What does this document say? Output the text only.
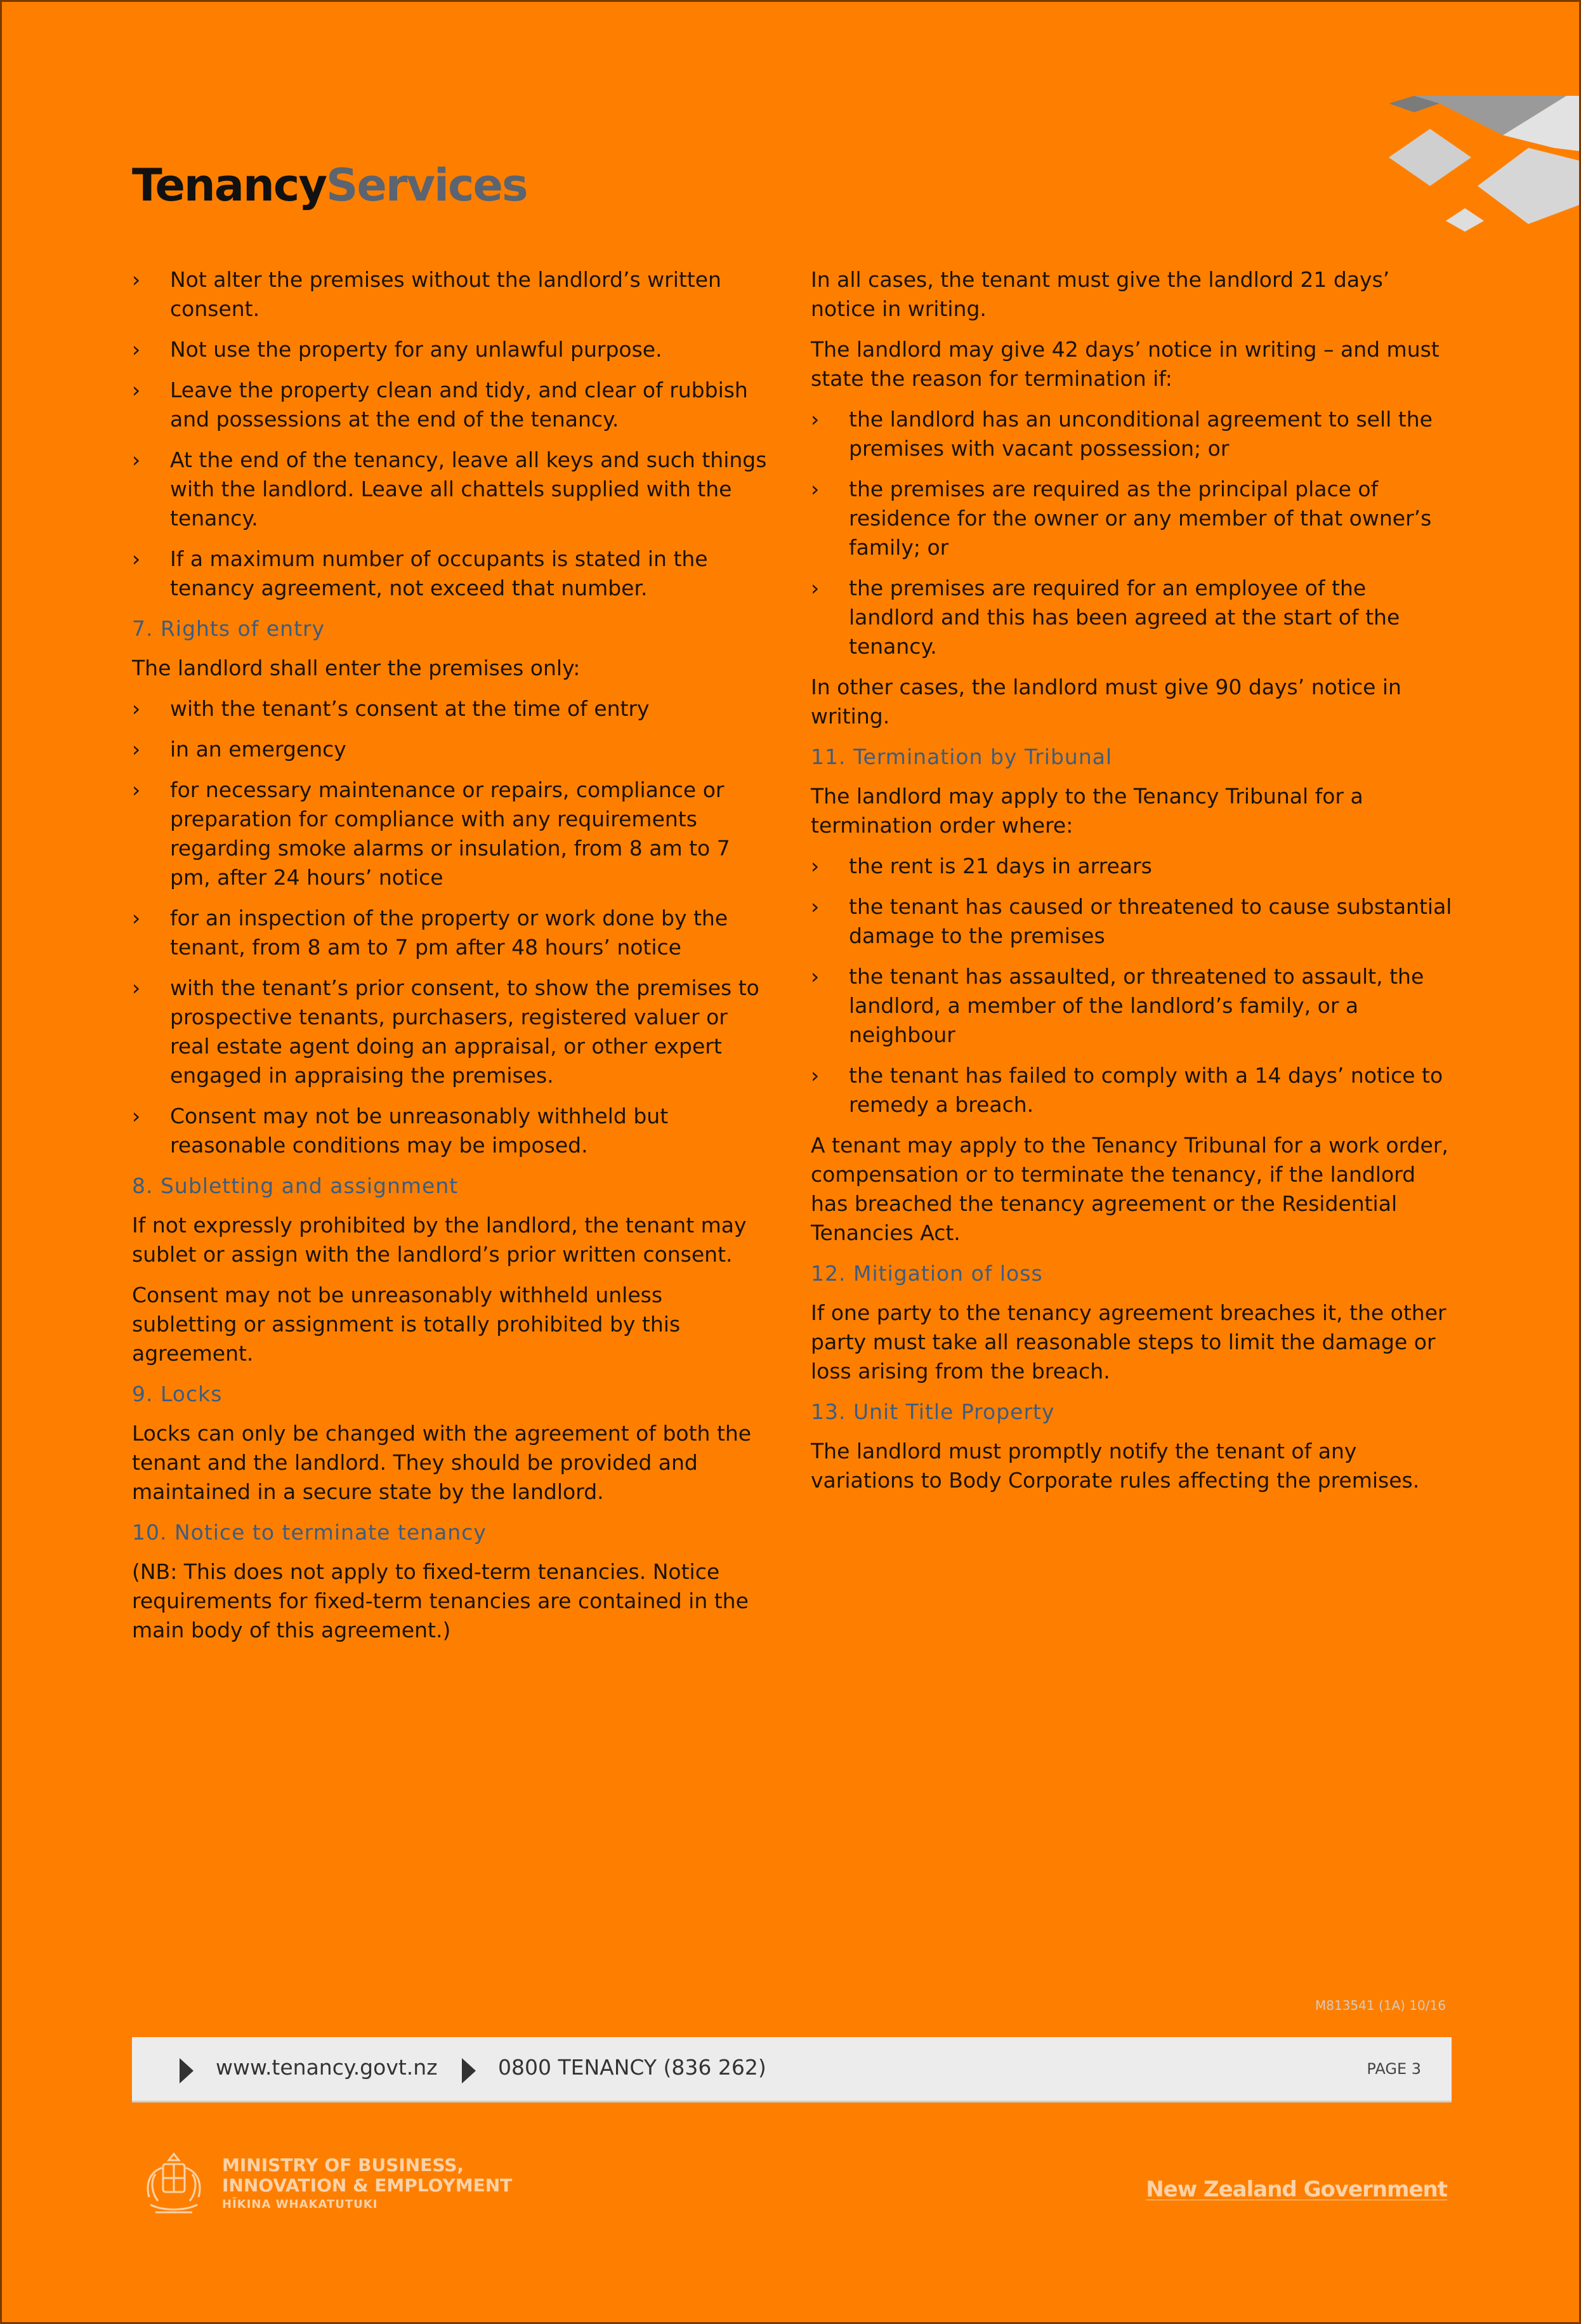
TenancyServices
› Not alter the premises without the landlord’s written consent.
› Not use the property for any unlawful purpose.
› Leave the property clean and tidy, and clear of rubbish and possessions at the end of the tenancy.
› At the end of the tenancy, leave all keys and such things with the landlord. Leave all chattels supplied with the tenancy.
› If a maximum number of occupants is stated in the tenancy agreement, not exceed that number.
7. Rights of entry

The landlord shall enter the premises only:

› with the tenant’s consent at the time of entry
› in an emergency
› for necessary maintenance or repairs, compliance or preparation for compliance with any requirements regarding smoke alarms or insulation, from 8 am to 7 pm, after 24 hours’ notice
› for an inspection of the property or work done by the tenant, from 8 am to 7 pm after 48 hours’ notice
› with the tenant’s prior consent, to show the premises to prospective tenants, purchasers, registered valuer or real estate agent doing an appraisal, or other expert engaged in appraising the premises.
› Consent may not be unreasonably withheld but reasonable conditions may be imposed.
8. Subletting and assignment

If not expressly prohibited by the landlord, the tenant may sublet or assign with the landlord’s prior written consent.

Consent may not be unreasonably withheld unless subletting or assignment is totally prohibited by this agreement.

9. Locks

Locks can only be changed with the agreement of both the tenant and the landlord. They should be provided and maintained in a secure state by the landlord.

10. Notice to terminate tenancy

(NB: This does not apply to fixed-term tenancies. Notice requirements for fixed-term tenancies are contained in the main body of this agreement.)

In all cases, the tenant must give the landlord 21 days’ notice in writing.

The landlord may give 42 days’ notice in writing – and must state the reason for termination if:

› the landlord has an unconditional agreement to sell the premises with vacant possession; or
› the premises are required as the principal place of residence for the owner or any member of that owner’s family; or
› the premises are required for an employee of the landlord and this has been agreed at the start of the tenancy.

In other cases, the landlord must give 90 days’ notice in writing.

11. Termination by Tribunal

The landlord may apply to the Tenancy Tribunal for a termination order where:

› the rent is 21 days in arrears
› the tenant has caused or threatened to cause substantial damage to the premises
› the tenant has assaulted, or threatened to assault, the landlord, a member of the landlord’s family, or a neighbour
› the tenant has failed to comply with a 14 days’ notice to remedy a breach.

A tenant may apply to the Tenancy Tribunal for a work order, compensation or to terminate the tenancy, if the landlord has breached the tenancy agreement or the Residential Tenancies Act.

12. Mitigation of loss

If one party to the tenancy agreement breaches it, the other party must take all reasonable steps to limit the damage or loss arising from the breach.

13. Unit Title Property

The landlord must promptly notify the tenant of any variations to Body Corporate rules affecting the premises.

M813541 (1A) 10/16
www.tenancy.govt.nz	0800 TENANCY (836 262)	PAGE 3
MINISTRY OF BUSINESS,
INNOVATION & EMPLOYMENT
HĪKINA WHAKATUTUKI
New Zealand Government
